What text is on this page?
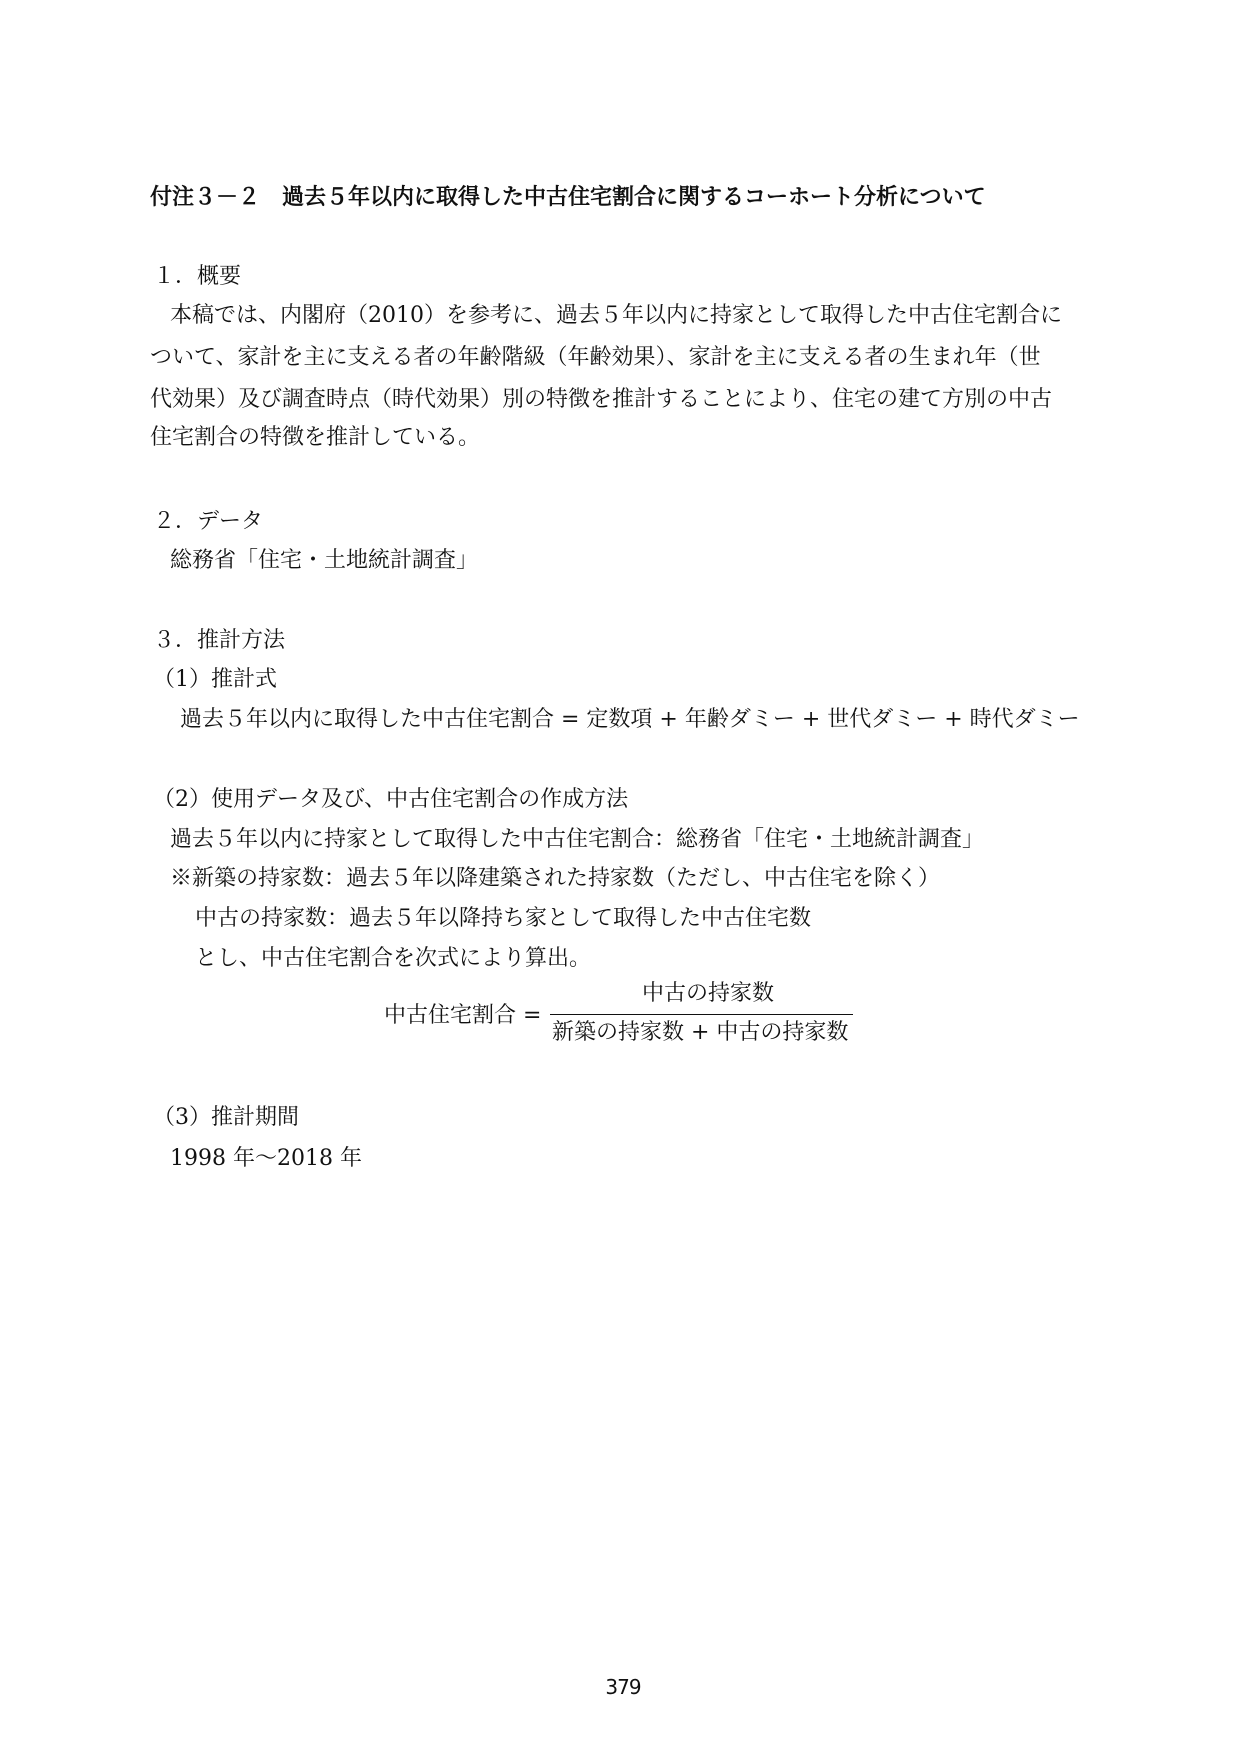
付注３－２　過去５年以内に取得した中古住宅割合に関するコーホート分析について
１．概要
本稿では、内閣府（2010）を参考に、過去５年以内に持家として取得した中古住宅割合に
ついて、家計を主に支える者の年齢階級（年齢効果）、家計を主に支える者の生まれ年（世
代効果）及び調査時点（時代効果）別の特徴を推計することにより、住宅の建て方別の中古
住宅割合の特徴を推計している。
２．データ
総務省「住宅・土地統計調査」
３．推計方法
（1）推計式
過去５年以内に取得した中古住宅割合 = 定数項 + 年齢ダミー + 世代ダミー + 時代ダミー
（2）使用データ及び、中古住宅割合の作成方法
過去５年以内に持家として取得した中古住宅割合：総務省「住宅・土地統計調査」
※新築の持家数：過去５年以降建築された持家数（ただし、中古住宅を除く）
中古の持家数：過去５年以降持ち家として取得した中古住宅数
とし、中古住宅割合を次式により算出。
中古住宅割合 =
中古の持家数
新築の持家数 + 中古の持家数
（3）推計期間
1998 年～2018 年
379
